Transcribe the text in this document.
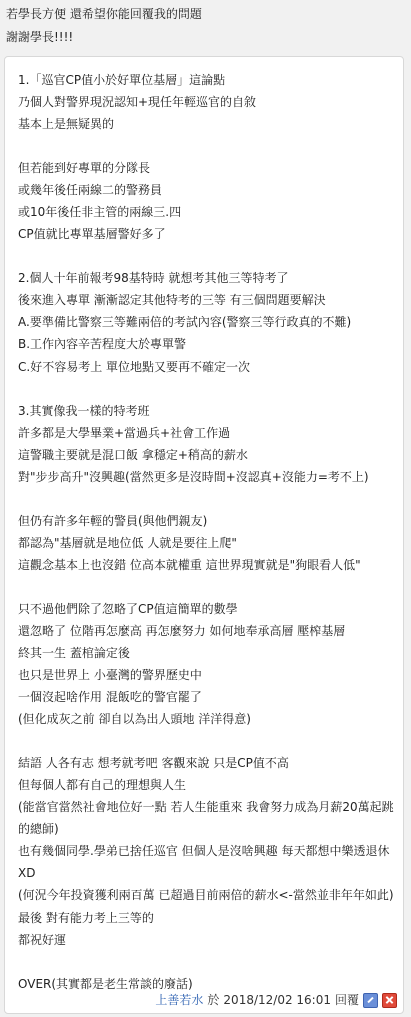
若學長方便 還希望你能回覆我的問題
謝謝學長!!!!
1.「巡官CP值小於好單位基層」這論點
乃個人對警界現況認知+現任年輕巡官的自敘
基本上是無疑異的
但若能到好專單的分隊長
或幾年後任兩線二的警務員
或10年後任非主管的兩線三.四
CP值就比專單基層警好多了
2.個人十年前報考98基特時 就想考其他三等特考了
後來進入專單 漸漸認定其他特考的三等 有三個問題要解決
A.要準備比警察三等難兩倍的考試內容(警察三等行政真的不難)
B.工作內容辛苦程度大於專單警
C.好不容易考上 單位地點又要再不確定一次
3.其實像我一樣的特考班
許多都是大學畢業+當過兵+社會工作過
這警職主要就是混口飯 拿穩定+稍高的薪水
對"步步高升"沒興趣(當然更多是沒時間+沒認真+沒能力=考不上)
但仍有許多年輕的警員(與他們親友)
都認為"基層就是地位低 人就是要往上爬"
這觀念基本上也沒錯 位高本就權重 這世界現實就是"狗眼看人低"
只不過他們除了忽略了CP值這簡單的數學
還忽略了 位階再怎麼高 再怎麼努力 如何地奉承高層 壓榨基層
終其一生 蓋棺論定後
也只是世界上 小臺灣的警界歷史中
一個沒起啥作用 混飯吃的警官罷了
(但化成灰之前 卻自以為出人頭地 洋洋得意)
結語 人各有志 想考就考吧 客觀來說 只是CP值不高
但每個人都有自己的理想與人生
(能當官當然社會地位好一點 若人生能重來 我會努力成為月薪20萬起跳的總師)
也有幾個同學.學弟已捨任巡官 但個人是沒啥興趣 每天都想中樂透退休XD
(何況今年投資獲利兩百萬 已超過目前兩倍的薪水<-當然並非年年如此)
最後 對有能力考上三等的
都祝好運
OVER(其實都是老生常談的廢話)
上善若水 於 2018/12/02 16:01 回覆
